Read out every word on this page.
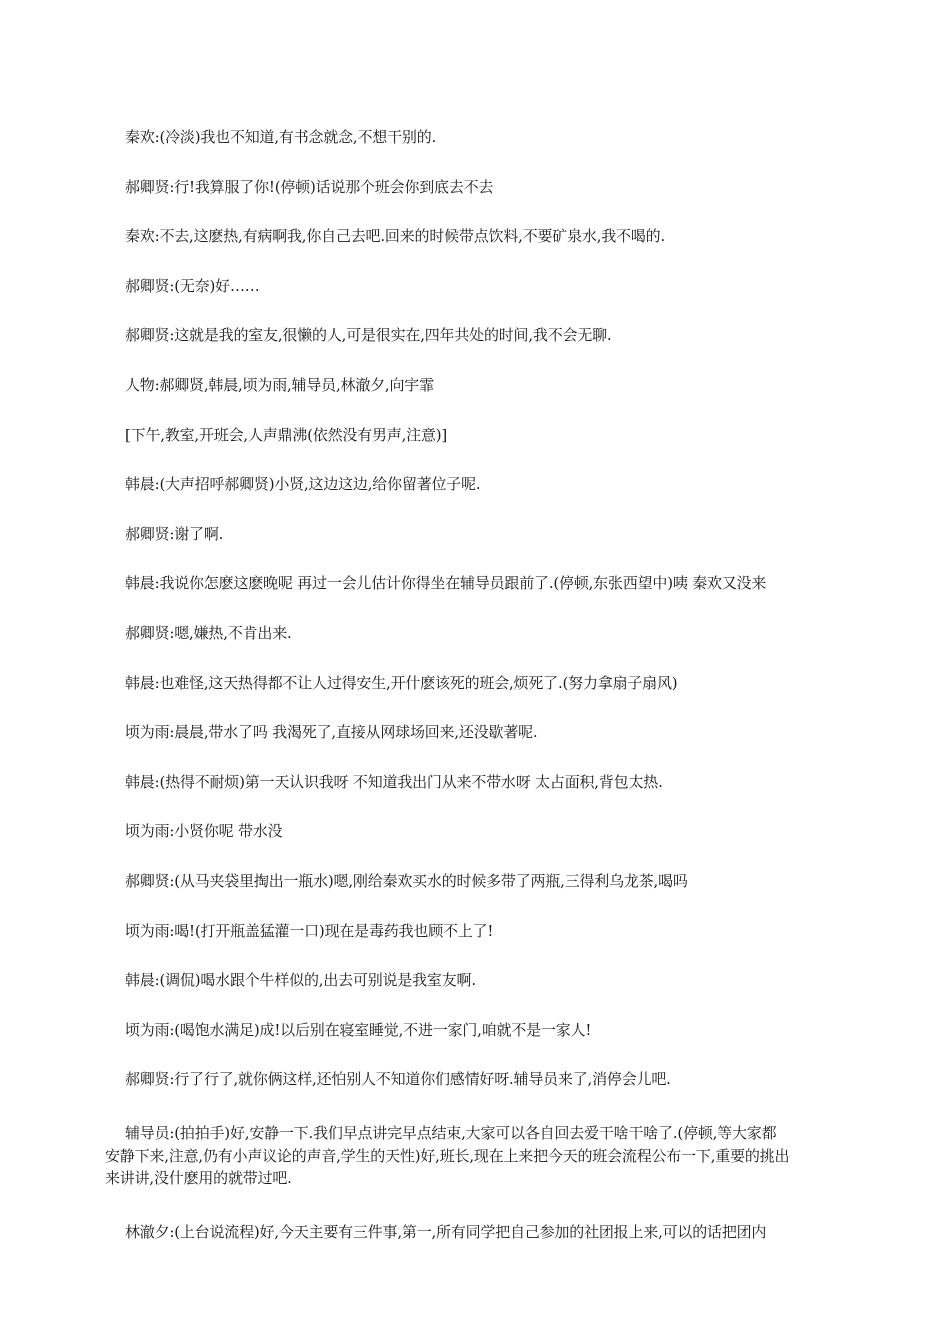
秦欢:(冷淡)我也不知道,有书念就念,不想干别的.
郝卿贤:行!我算服了你!(停顿)话说那个班会你到底去不去
秦欢:不去,这麽热,有病啊我,你自己去吧.回来的时候带点饮料,不要矿泉水,我不喝的.
郝卿贤:(无奈)好……
郝卿贤:这就是我的室友,很懒的人,可是很实在,四年共处的时间,我不会无聊.
人物:郝卿贤,韩晨,顷为雨,辅导员,林澈夕,向宇霏
[下午,教室,开班会,人声鼎沸(依然没有男声,注意)]
韩晨:(大声招呼郝卿贤)小贤,这边这边,给你留著位子呢.
郝卿贤:谢了啊.
韩晨:我说你怎麽这麽晚呢 再过一会儿估计你得坐在辅导员跟前了.(停顿,东张西望中)咦 秦欢又没来
郝卿贤:嗯,嫌热,不肯出来.
韩晨:也难怪,这天热得都不让人过得安生,开什麽该死的班会,烦死了.(努力拿扇子扇风)
顷为雨:晨晨,带水了吗 我渴死了,直接从网球场回来,还没歇著呢.
韩晨:(热得不耐烦)第一天认识我呀 不知道我出门从来不带水呀 太占面积,背包太热.
顷为雨:小贤你呢 带水没
郝卿贤:(从马夹袋里掏出一瓶水)嗯,刚给秦欢买水的时候多带了两瓶,三得利乌龙茶,喝吗
顷为雨:喝!(打开瓶盖猛灌一口)现在是毒药我也顾不上了!
韩晨:(调侃)喝水跟个牛样似的,出去可别说是我室友啊.
顷为雨:(喝饱水满足)成!以后别在寝室睡觉,不进一家门,咱就不是一家人!
郝卿贤:行了行了,就你俩这样,还怕别人不知道你们感情好呀.辅导员来了,消停会儿吧.
辅导员:(拍拍手)好,安静一下.我们早点讲完早点结束,大家可以各自回去爱干啥干啥了.(停顿,等大家都
安静下来,注意,仍有小声议论的声音,学生的天性)好,班长,现在上来把今天的班会流程公布一下,重要的挑出
来讲讲,没什麽用的就带过吧.
林澈夕:(上台说流程)好,今天主要有三件事,第一,所有同学把自己参加的社团报上来,可以的话把团内
